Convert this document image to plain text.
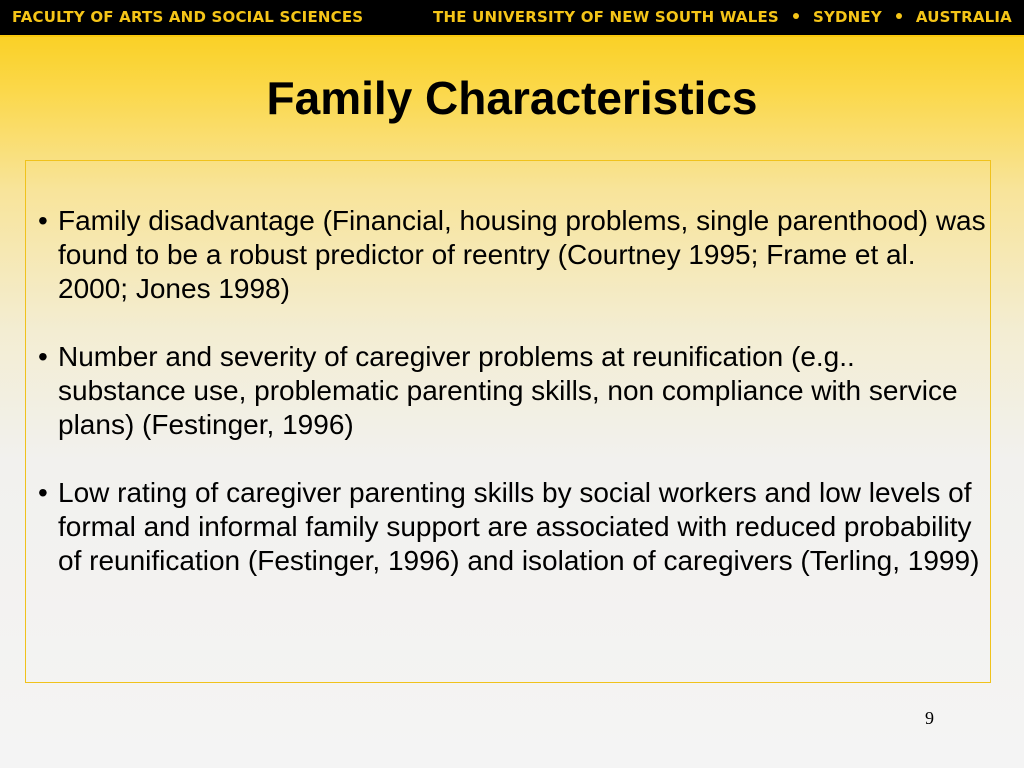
FACULTY OF ARTS AND SOCIAL SCIENCES	THE UNIVERSITY OF NEW SOUTH WALES SYDNEY AUSTRALIA
Family Characteristics
• Family disadvantage (Financial, housing problems, single parenthood) was found to be a robust predictor of reentry (Courtney 1995; Frame et al. 2000; Jones 1998)
• Number and severity of caregiver problems at reunification (e.g.. substance use, problematic parenting skills, non compliance with service plans) (Festinger, 1996)
• Low rating of caregiver parenting skills by social workers and low levels of formal and informal family support are associated with reduced probability of reunification (Festinger, 1996) and isolation of caregivers (Terling, 1999)
9
